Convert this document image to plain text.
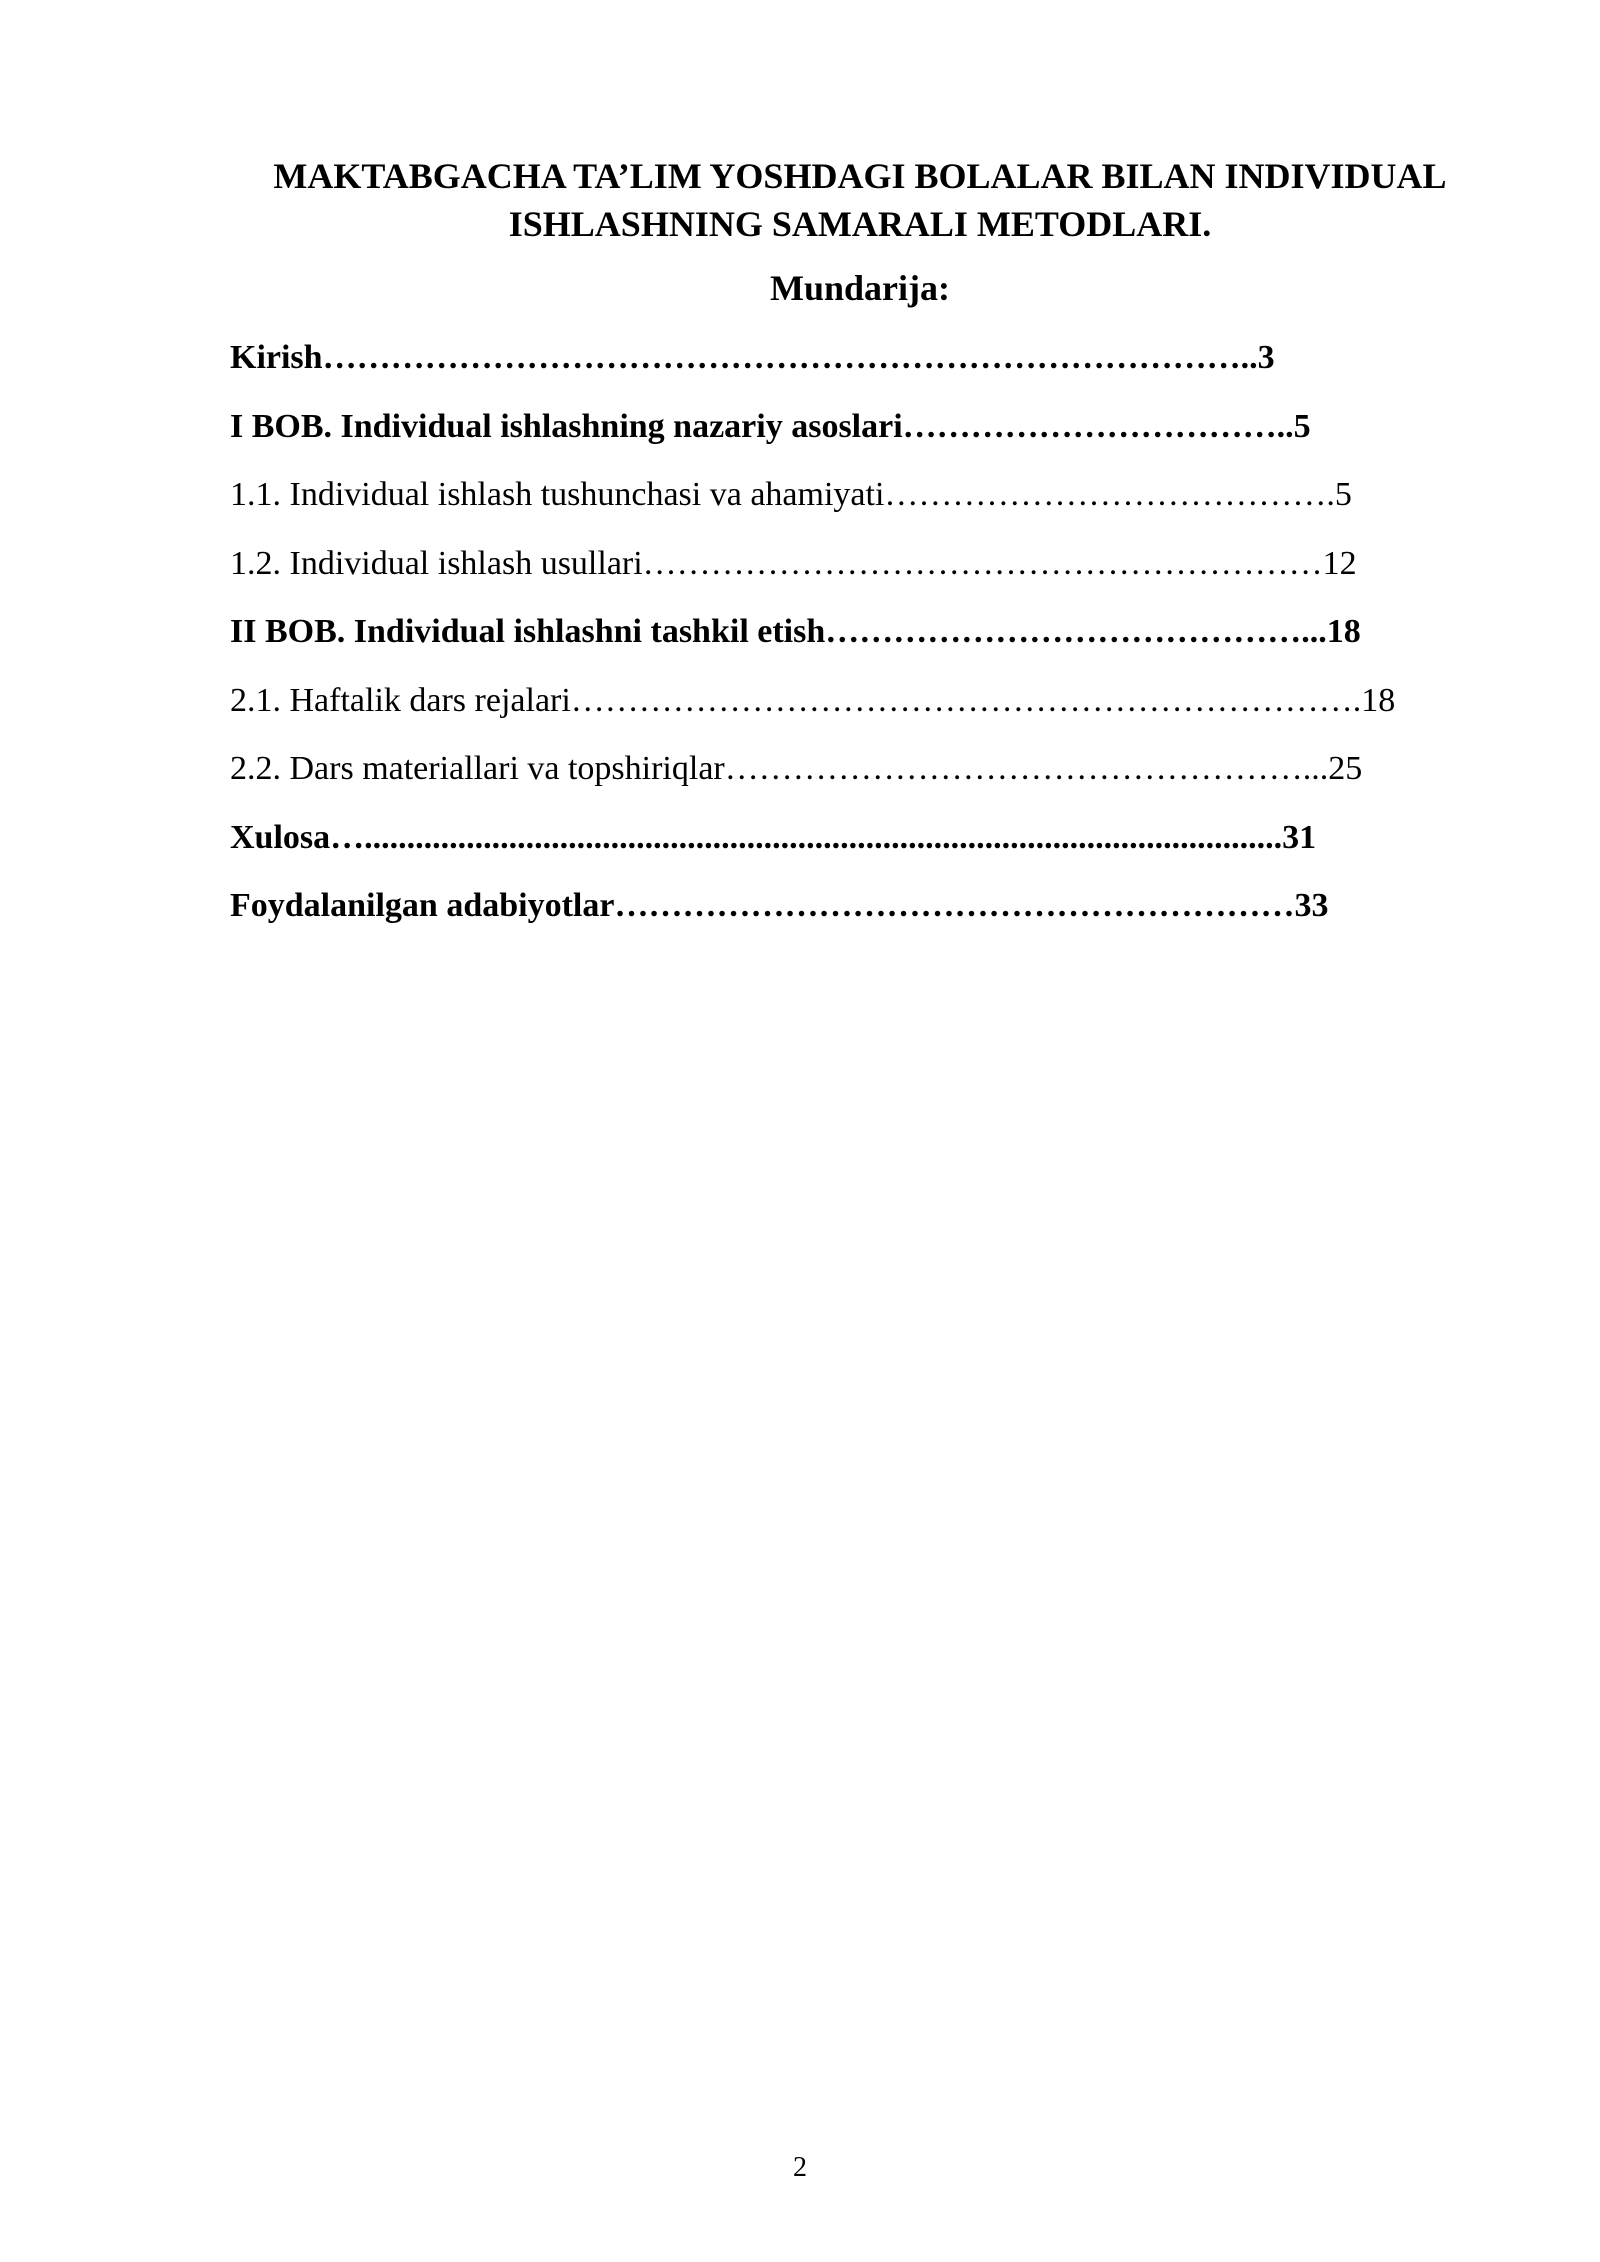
MAKTABGACHA TA’LIM YOSHDAGI BOLALAR BILAN INDIVIDUAL
ISHLASHNING SAMARALI METODLARI.
Mundarija:
Kirish………………………………………………………………………..3
I BOB. Individual ishlashning nazariy asoslari……………………………..5
1.1. Individual ishlash tushunchasi va ahamiyati………………………………….5
1.2. Individual ishlash usullari……………………………………………………12
II BOB. Individual ishlashni tashkil etish……………………………………...18
2.1. Haftalik dars rejalari…………………………………………………………….18
2.2. Dars materiallari va topshiriqlar……………………………………………...25
Xulosa…............................................................................................................31
Foydalanilgan adabiyotlar……………………………………………………33
2
